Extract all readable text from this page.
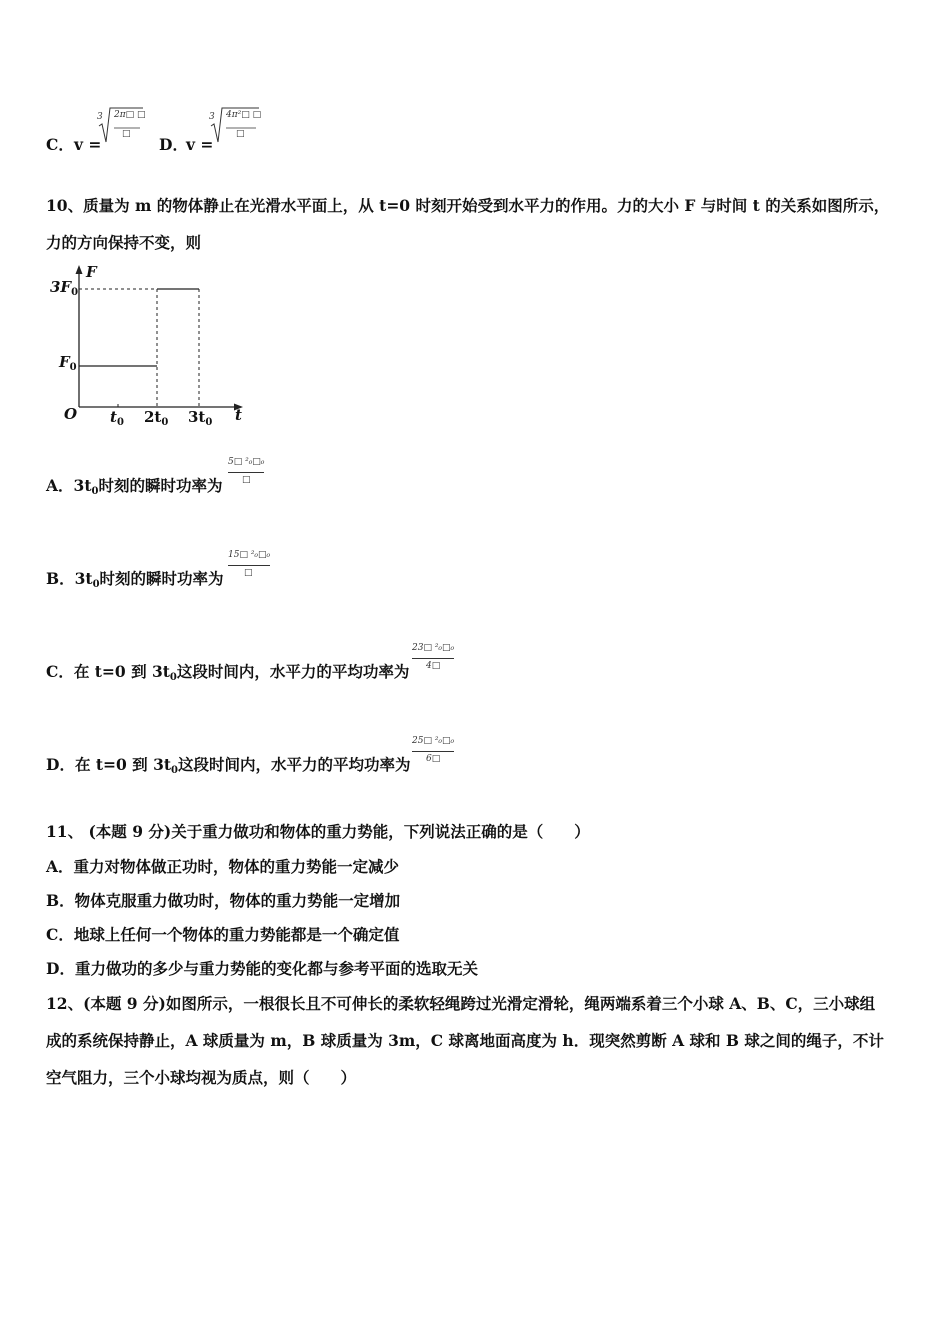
C． v =
3 2π□ □
□
D．
v =
3 4π²□ □
□
10、质量为 m 的物体静止在光滑水平面上，从 t=0 时刻开始受到水平力的作用。力的大小 F 与时间 t 的关系如图所示，
力的方向保持不变，则
F
t
O
$3F_0$
$F_0$
$t_0$ $2t_0$ $3t_0$
A．$3t_0$时刻的瞬时功率为
5□ ²₀□₀
□
B．$3t_0$时刻的瞬时功率为
15□ ²₀□₀
□
C．在 t=0 到 $3t_0$这段时间内，水平力的平均功率为
23□ ²₀□₀
4□
D．在 t=0 到 $3t_0$这段时间内，水平力的平均功率为
25□ ²₀□₀
6□
11、 (本题 9 分)关于重力做功和物体的重力势能，下列说法正确的是（　　）
A．重力对物体做正功时，物体的重力势能一定减少
B．物体克服重力做功时，物体的重力势能一定增加
C．地球上任何一个物体的重力势能都是一个确定值
D．重力做功的多少与重力势能的变化都与参考平面的选取无关
12、(本题 9 分)如图所示，一根很长且不可伸长的柔软轻绳跨过光滑定滑轮，绳两端系着三个小球 A、B、C，三小球组
成的系统保持静止，A 球质量为 m，B 球质量为 3m，C 球离地面高度为 h．现突然剪断 A 球和 B 球之间的绳子，不计
空气阻力，三个小球均视为质点，则（　　）
